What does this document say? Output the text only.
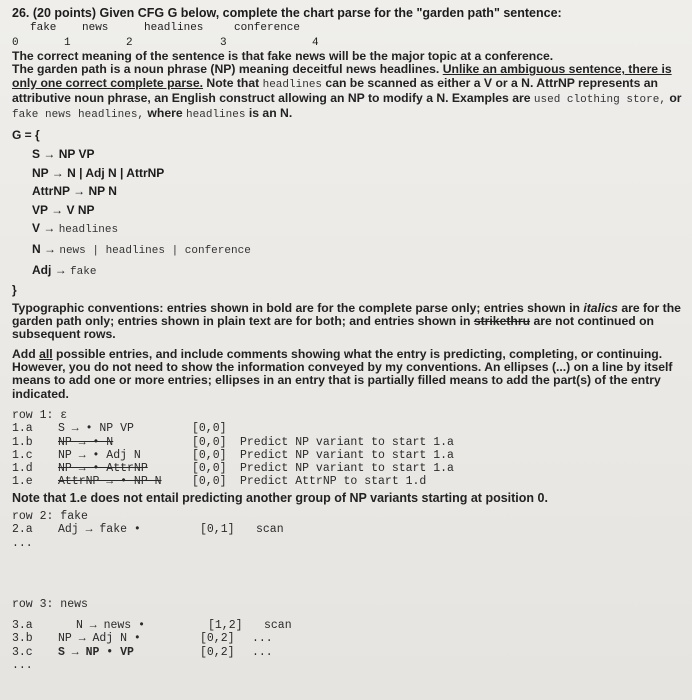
26. (20 points) Given CFG G below, complete the chart parse for the "garden path" sentence:
fake news	headlines	conference
0	1	2	3	4

The correct meaning of the sentence is that fake news will be the major topic at a conference.
The garden path is a noun phrase (NP) meaning deceitful news headlines. Unlike an ambiguous sentence, there is only one correct complete parse. Note that headlines can be scanned as either a V or a N. AttrNP represents an attributive noun phrase, an English construct allowing an NP to modify a N. Examples are used clothing store, or fake news headlines, where headlines is an N.

G = {
S → NP VP
NP → N | Adj N | AttrNP
AttrNP → NP N
VP → V NP
V → headlines
N → news | headlines | conference
Adj → fake
}

Typographic conventions: entries shown in bold are for the complete parse only; entries shown in italics are for the garden path only; entries shown in plain text are for both; and entries shown in strikethru are not continued on subsequent rows.

Add all possible entries, and include comments showing what the entry is predicting, completing, or continuing. However, you do not need to show the information conveyed by my conventions. An ellipses (...) on a line by itself means to add one or more entries; ellipses in an entry that is partially filled means to add the part(s) of the entry indicated.

row 1: ε
1.a S → • NP VP	[0,0]
1.b NP → • N	[0,0] Predict NP variant to start 1.a
1.c NP → • Adj N	[0,0] Predict NP variant to start 1.a
1.d NP → • AttrNP	[0,0] Predict NP variant to start 1.a
1.e AttrNP → • NP N	[0,0] Predict AttrNP to start 1.d

Note that 1.e does not entail predicting another group of NP variants starting at position 0.

row 2: fake
2.a Adj → fake •	[0,1] scan
...
row 3: news
3.a	N → news •	[1,2] scan
3.b NP → Adj N •	[0,2] ...
3.c S → NP • VP	[0,2] ...
...
